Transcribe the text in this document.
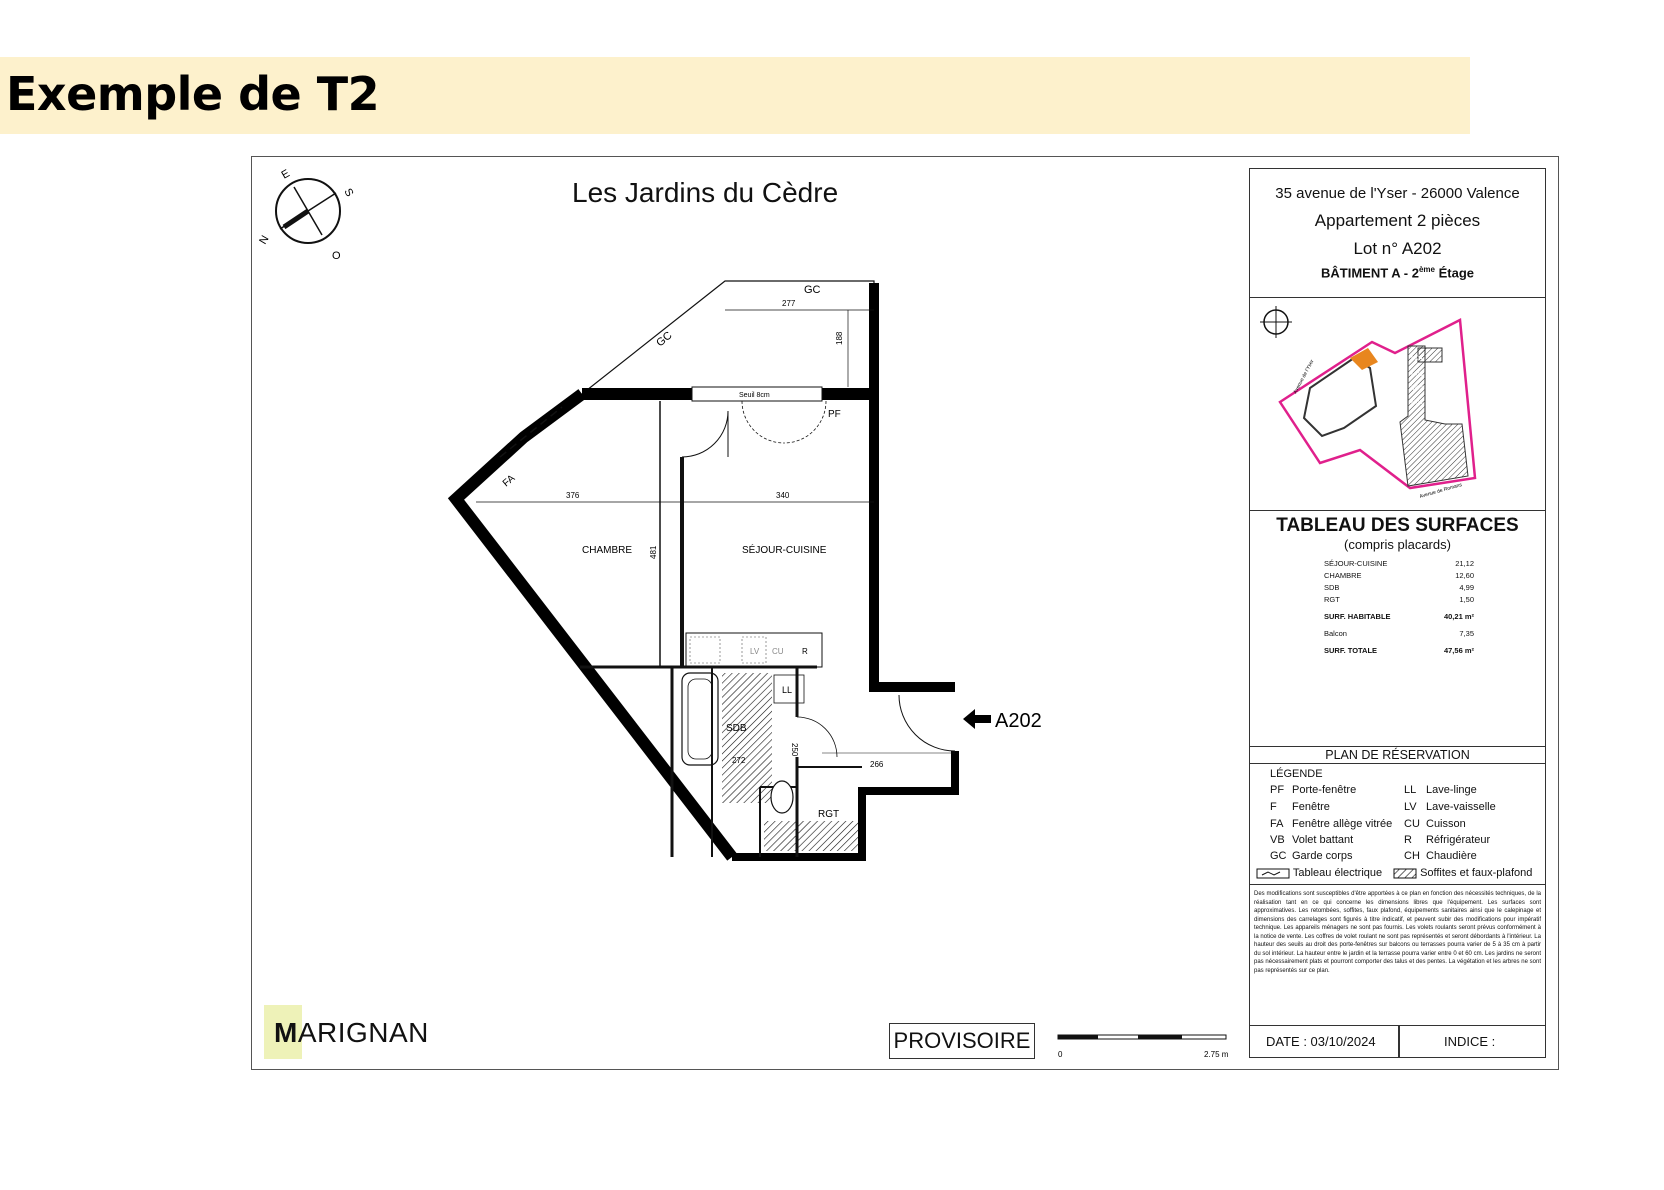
Exemple de T2
E
S
N
O
Les Jardins du Cèdre
Seuil 8cm
LV CU R
LL
GC
GC
277
188
PF
FA
376	340
481
CHAMBRE	SÉJOUR-CUISINE
SDB
RGT
266
250
272
A202
MARIGNAN	PROVISOIRE
0	2.75 m
35 avenue de l'Yser - 26000 Valence
Appartement 2 pièces
Lot n° A202
BÂTIMENT A - 2ème Étage
M04
M03
M02
M01
Avenue de l'Yser
Avenue de Romans
TABLEAU DES SURFACES
(compris placards)
SÉJOUR-CUISINE	21,12
CHAMBRE	12,60
SDB	4,99
RGT	1,50
SURF. HABITABLE	40,21 m²
Balcon	7,35
SURF. TOTALE	47,56 m²
PLAN DE RÉSERVATION
LÉGENDE
PF Porte-fenêtre
F Fenêtre
FA Fenêtre allège vitrée
VB Volet battant
GC Garde corps
LL Lave-linge
LV Lave-vaisselle
CU Cuisson
R Réfrigérateur
CH Chaudière
Tableau électrique	Soffites et faux-plafond
Des modifications sont susceptibles d'être apportées à ce plan en fonction des nécessités techniques, de la réalisation tant en ce qui concerne les dimensions libres que l'équipement. Les surfaces sont approximatives. Les retombées, soffites, faux plafond, équipements sanitaires ainsi que le calepinage et dimensions des carrelages sont figurés à titre indicatif, et peuvent subir des modifications pour impératif technique. Les appareils ménagers ne sont pas fournis. Les volets roulants seront prévus conformément à la notice de vente. Les coffres de volet roulant ne sont pas représentés et seront débordants à l'intérieur. La hauteur des seuils au droit des porte-fenêtres sur balcons ou terrasses pourra varier de 5 à 35 cm à partir du sol intérieur. La hauteur entre le jardin et la terrasse pourra varier entre 0 et 60 cm. Les jardins ne seront pas nécessairement plats et pourront comporter des talus et des pentes. La végétation et les arbres ne sont pas représentés sur ce plan.
DATE : 03/10/2024	INDICE :
